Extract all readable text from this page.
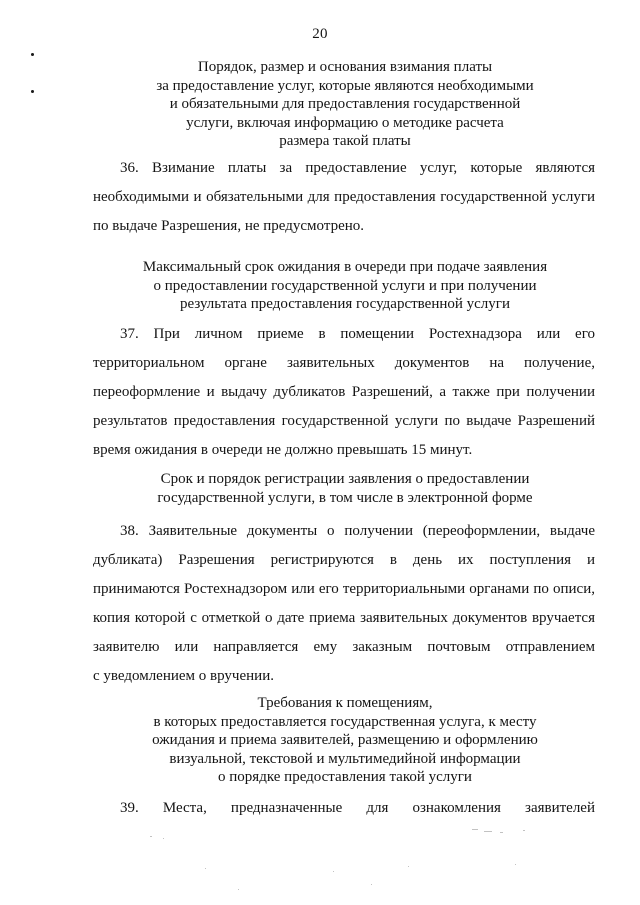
20
Порядок, размер и основания взимания платы
за предоставление услуг, которые являются необходимыми
и обязательными для предоставления государственной
услуги, включая информацию о методике расчета
размера такой платы
36. Взимание платы за предоставление услуг, которые являются
необходимыми и обязательными для предоставления государственной услуги
по выдаче Разрешения, не предусмотрено.
Максимальный срок ожидания в очереди при подаче заявления
о предоставлении государственной услуги и при получении
результата предоставления государственной услуги
37. При личном приеме в помещении Ростехнадзора или его
территориальном органе заявительных документов на получение,
переоформление и выдачу дубликатов Разрешений, а также при получении
результатов предоставления государственной услуги по выдаче Разрешений
время ожидания в очереди не должно превышать 15 минут.
Срок и порядок регистрации заявления о предоставлении
государственной услуги, в том числе в электронной форме
38. Заявительные документы о получении (переоформлении, выдаче
дубликата) Разрешения регистрируются в день их поступления и
принимаются Ростехнадзором или его территориальными органами по описи,
копия которой с отметкой о дате приема заявительных документов вручается
заявителю или направляется ему заказным почтовым отправлением
с уведомлением о вручении.
Требования к помещениям,
в которых предоставляется государственная услуга, к месту
ожидания и приема заявителей, размещению и оформлению
визуальной, текстовой и мультимедийной информации
о порядке предоставления такой услуги
39. Места, предназначенные для ознакомления заявителей
